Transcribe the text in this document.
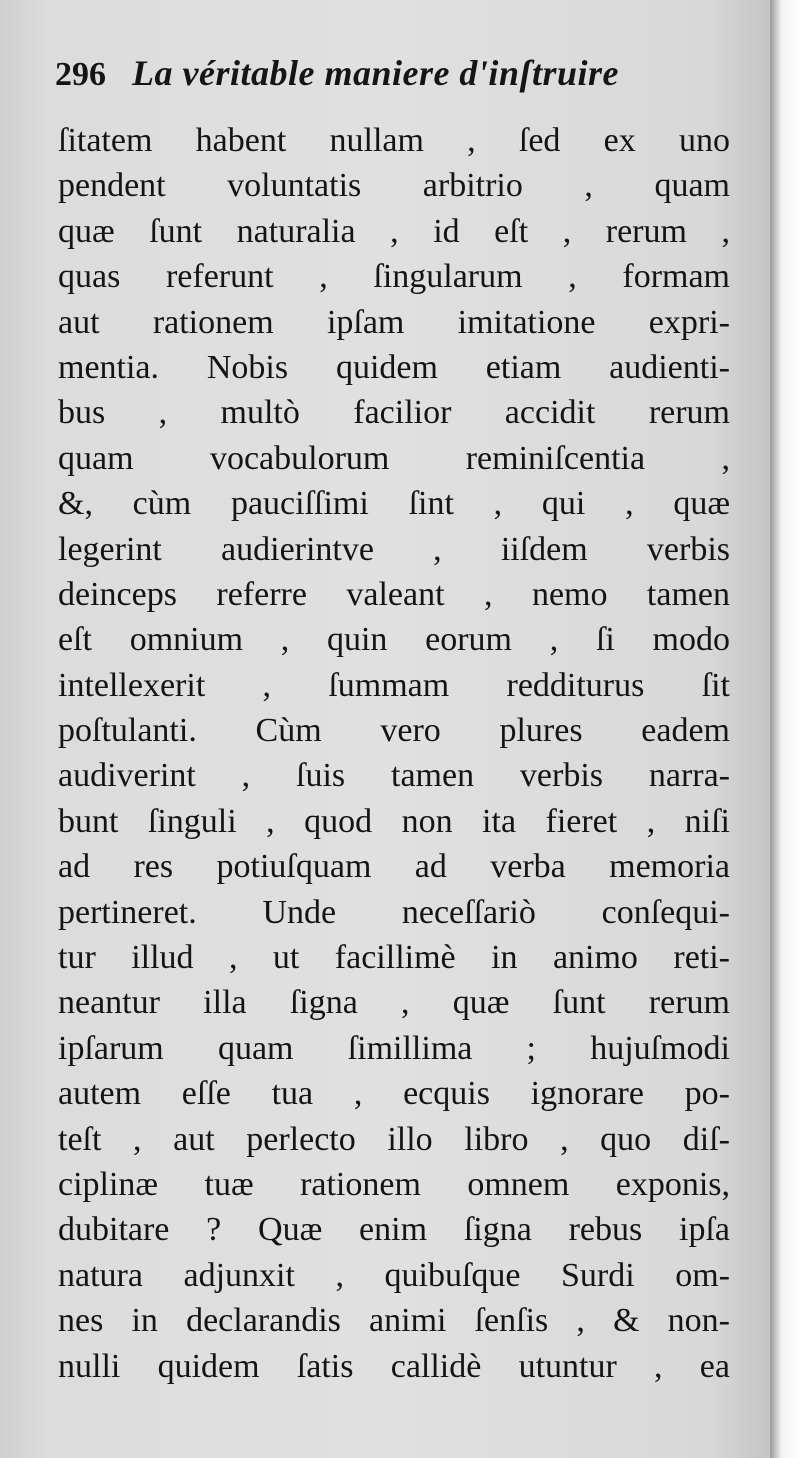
296 La véritable maniere d'inſtruire
ſitatem habent nullam , ſed ex uno
pendent voluntatis arbitrio , quam
quæ ſunt naturalia , id eſt , rerum ,
quas referunt , ſingularum , formam
aut rationem ipſam imitatione expri-
mentia. Nobis quidem etiam audienti-
bus , multò facilior accidit rerum
quam vocabulorum reminiſcentia ,
&, cùm pauciſſimi ſint , qui , quæ
legerint audierintve , iiſdem verbis
deinceps referre valeant , nemo tamen
eſt omnium , quin eorum , ſi modo
intellexerit , ſummam redditurus ſit
poſtulanti. Cùm vero plures eadem
audiverint , ſuis tamen verbis narra-
bunt ſinguli , quod non ita fieret , niſi
ad res potiuſquam ad verba memoria
pertineret. Unde neceſſariò conſequi-
tur illud , ut facillimè in animo reti-
neantur illa ſigna , quæ ſunt rerum
ipſarum quam ſimillima ; hujuſmodi
autem eſſe tua , ecquis ignorare po-
teſt , aut perlecto illo libro , quo diſ-
ciplinæ tuæ rationem omnem exponis,
dubitare ? Quæ enim ſigna rebus ipſa
natura adjunxit , quibuſque Surdi om-
nes in declarandis animi ſenſis , & non-
nulli quidem ſatis callidè utuntur , ea
